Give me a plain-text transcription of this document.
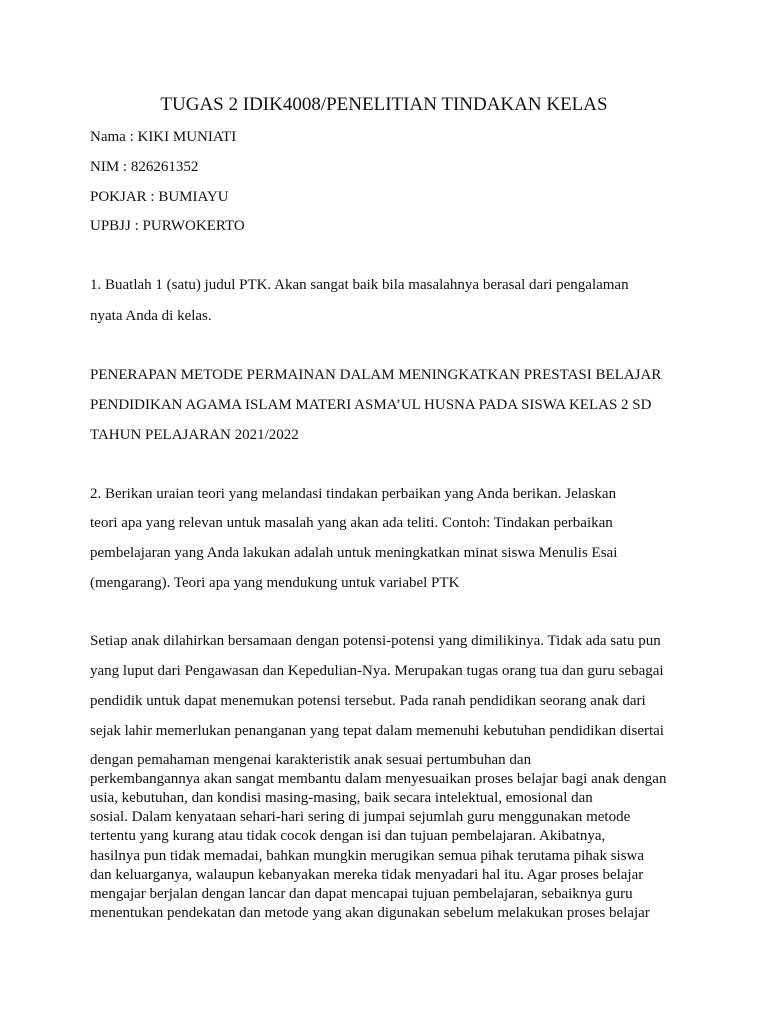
TUGAS 2 IDIK4008/PENELITIAN TINDAKAN KELAS
Nama : KIKI MUNIATI
NIM : 826261352
POKJAR : BUMIAYU
UPBJJ : PURWOKERTO
1. Buatlah 1 (satu) judul PTK. Akan sangat baik bila masalahnya berasal dari pengalaman
nyata Anda di kelas.
PENERAPAN METODE PERMAINAN DALAM MENINGKATKAN PRESTASI BELAJAR
PENDIDIKAN AGAMA ISLAM MATERI ASMA’UL HUSNA PADA SISWA KELAS 2 SD
TAHUN PELAJARAN 2021/2022
2. Berikan uraian teori yang melandasi tindakan perbaikan yang Anda berikan. Jelaskan
teori apa yang relevan untuk masalah yang akan ada teliti. Contoh: Tindakan perbaikan
pembelajaran yang Anda lakukan adalah untuk meningkatkan minat siswa Menulis Esai
(mengarang). Teori apa yang mendukung untuk variabel PTK
Setiap anak dilahirkan bersamaan dengan potensi-potensi yang dimilikinya. Tidak ada satu pun
yang luput dari Pengawasan dan Kepedulian-Nya. Merupakan tugas orang tua dan guru sebagai
pendidik untuk dapat menemukan potensi tersebut. Pada ranah pendidikan seorang anak dari
sejak lahir memerlukan penanganan yang tepat dalam memenuhi kebutuhan pendidikan disertai
dengan pemahaman mengenai karakteristik anak sesuai pertumbuhan dan
perkembangannya akan sangat membantu dalam menyesuaikan proses belajar bagi anak dengan
usia, kebutuhan, dan kondisi masing-masing, baik secara intelektual, emosional dan
sosial. Dalam kenyataan sehari-hari sering di jumpai sejumlah guru menggunakan metode
tertentu yang kurang atau tidak cocok dengan isi dan tujuan pembelajaran. Akibatnya,
hasilnya pun tidak memadai, bahkan mungkin merugikan semua pihak terutama pihak siswa
dan keluarganya, walaupun kebanyakan mereka tidak menyadari hal itu. Agar proses belajar
mengajar berjalan dengan lancar dan dapat mencapai tujuan pembelajaran, sebaiknya guru
menentukan pendekatan dan metode yang akan digunakan sebelum melakukan proses belajar
